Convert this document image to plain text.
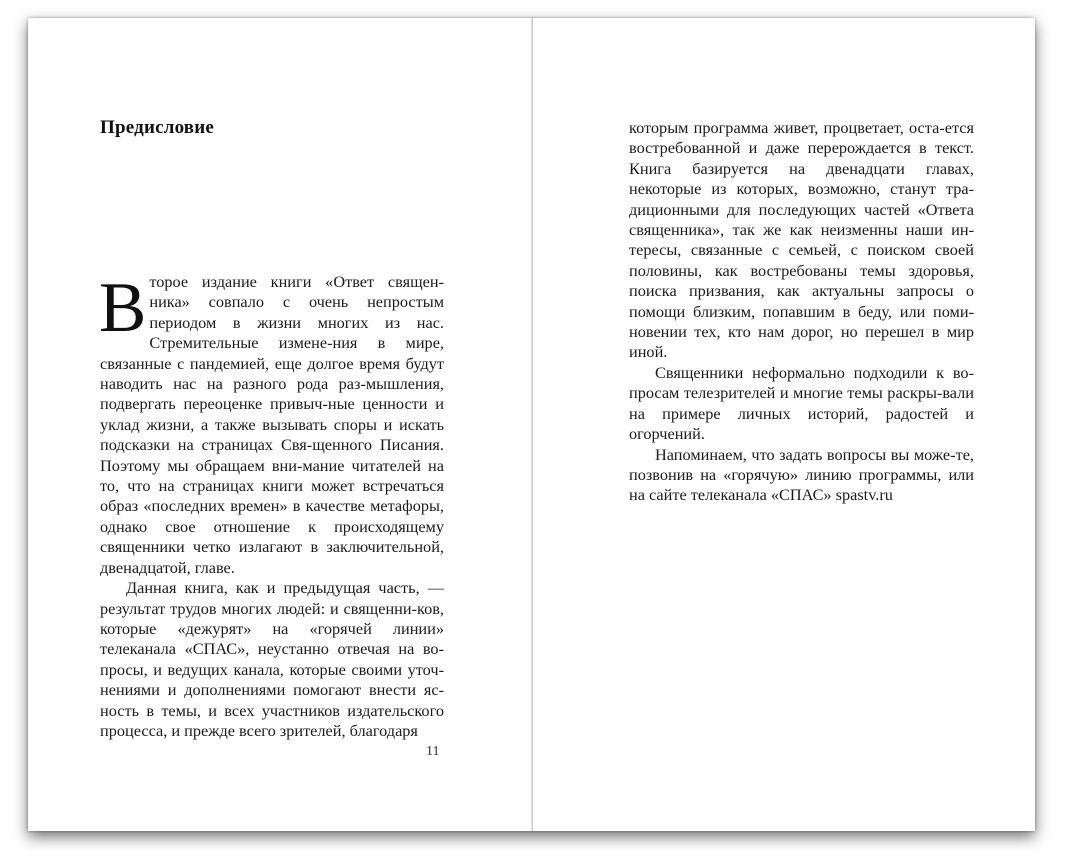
Предисловие

Второе издание книги «Ответ священ- ника» совпало с очень непростым периодом в жизни многих из нас. Стремительные измене-ния в мире, связанные с пандемией, еще долгое время будут наводить нас на разного рода раз-мышления, подвергать переоценке привыч-ные ценности и уклад жизни, а также вызывать споры и искать подсказки на страницах Свя-щенного Писания. Поэтому мы обращаем вни-мание читателей на то, что на страницах книги может встречаться образ «последних времен» в качестве метафоры, однако свое отношение к происходящему священники четко излагают в заключительной, двенадцатой, главе.

Данная книга, как и предыдущая часть, — результат трудов многих людей: и священни-ков, которые «дежурят» на «горячей линии» телеканала «СПАС», неустанно отвечая на во-просы, и ведущих канала, которые своими уточ-нениями и дополнениями помогают внести яс-ность в темы, и всех участников издательского процесса, и прежде всего зрителей, благодаря

11

которым программа живет, процветает, оста-ется востребованной и даже перерождается в текст. Книга базируется на двенадцати главах, некоторые из которых, возможно, станут тра-диционными для последующих частей «Ответа священника», так же как неизменны наши ин-тересы, связанные с семьей, с поиском своей половины, как востребованы темы здоровья, поиска призвания, как актуальны запросы о помощи близким, попавшим в беду, или поми-новении тех, кто нам дорог, но перешел в мир иной.

Священники неформально подходили к во-просам телезрителей и многие темы раскры-вали на примере личных историй, радостей и огорчений.

Напоминаем, что задать вопросы вы може-те, позвонив на «горячую» линию программы, или на сайте телеканала «СПАС» spastv.ru
